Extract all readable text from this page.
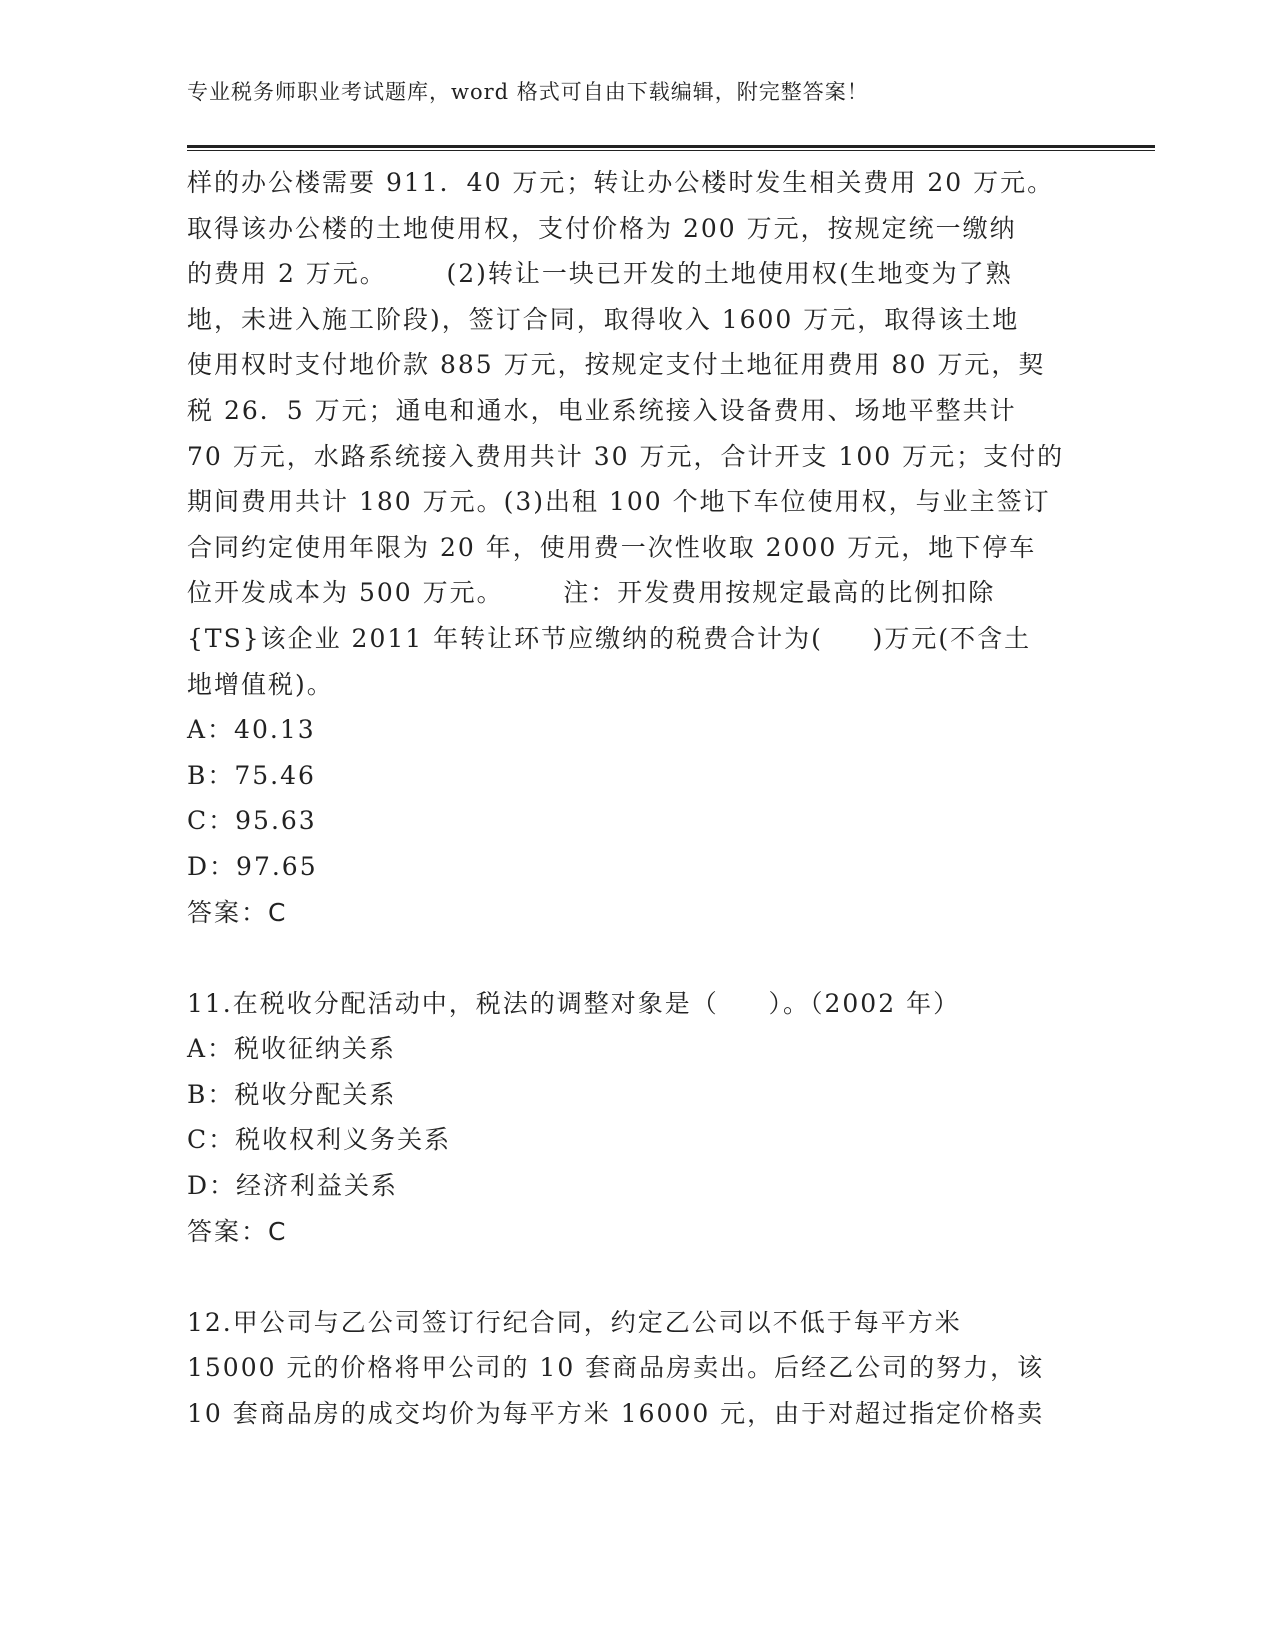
专业税务师职业考试题库，word 格式可自由下载编辑，附完整答案！
样的办公楼需要 911．40 万元；转让办公楼时发生相关费用 20 万元。
取得该办公楼的土地使用权，支付价格为 200 万元，按规定统一缴纳
的费用 2 万元。      (2)转让一块已开发的土地使用权(生地变为了熟
地，未进入施工阶段)，签订合同，取得收入 1600 万元，取得该土地
使用权时支付地价款 885 万元，按规定支付土地征用费用 80 万元，契
税 26．5 万元；通电和通水，电业系统接入设备费用、场地平整共计
70 万元，水路系统接入费用共计 30 万元，合计开支 100 万元；支付的
期间费用共计 180 万元。(3)出租 100 个地下车位使用权，与业主签订
合同约定使用年限为 20 年，使用费一次性收取 2000 万元，地下停车
位开发成本为 500 万元。      注：开发费用按规定最高的比例扣除
{TS}该企业 2011 年转让环节应缴纳的税费合计为(     )万元(不含土
地增值税)。
A：40.13
B：75.46
C：95.63
D：97.65
答案：C
11.在税收分配活动中，税法的调整对象是（     ）。（2002 年）
A：税收征纳关系
B：税收分配关系
C：税收权利义务关系
D：经济利益关系
答案：C
12.甲公司与乙公司签订行纪合同，约定乙公司以不低于每平方米
15000 元的价格将甲公司的 10 套商品房卖出。后经乙公司的努力，该
10 套商品房的成交均价为每平方米 16000 元，由于对超过指定价格卖
